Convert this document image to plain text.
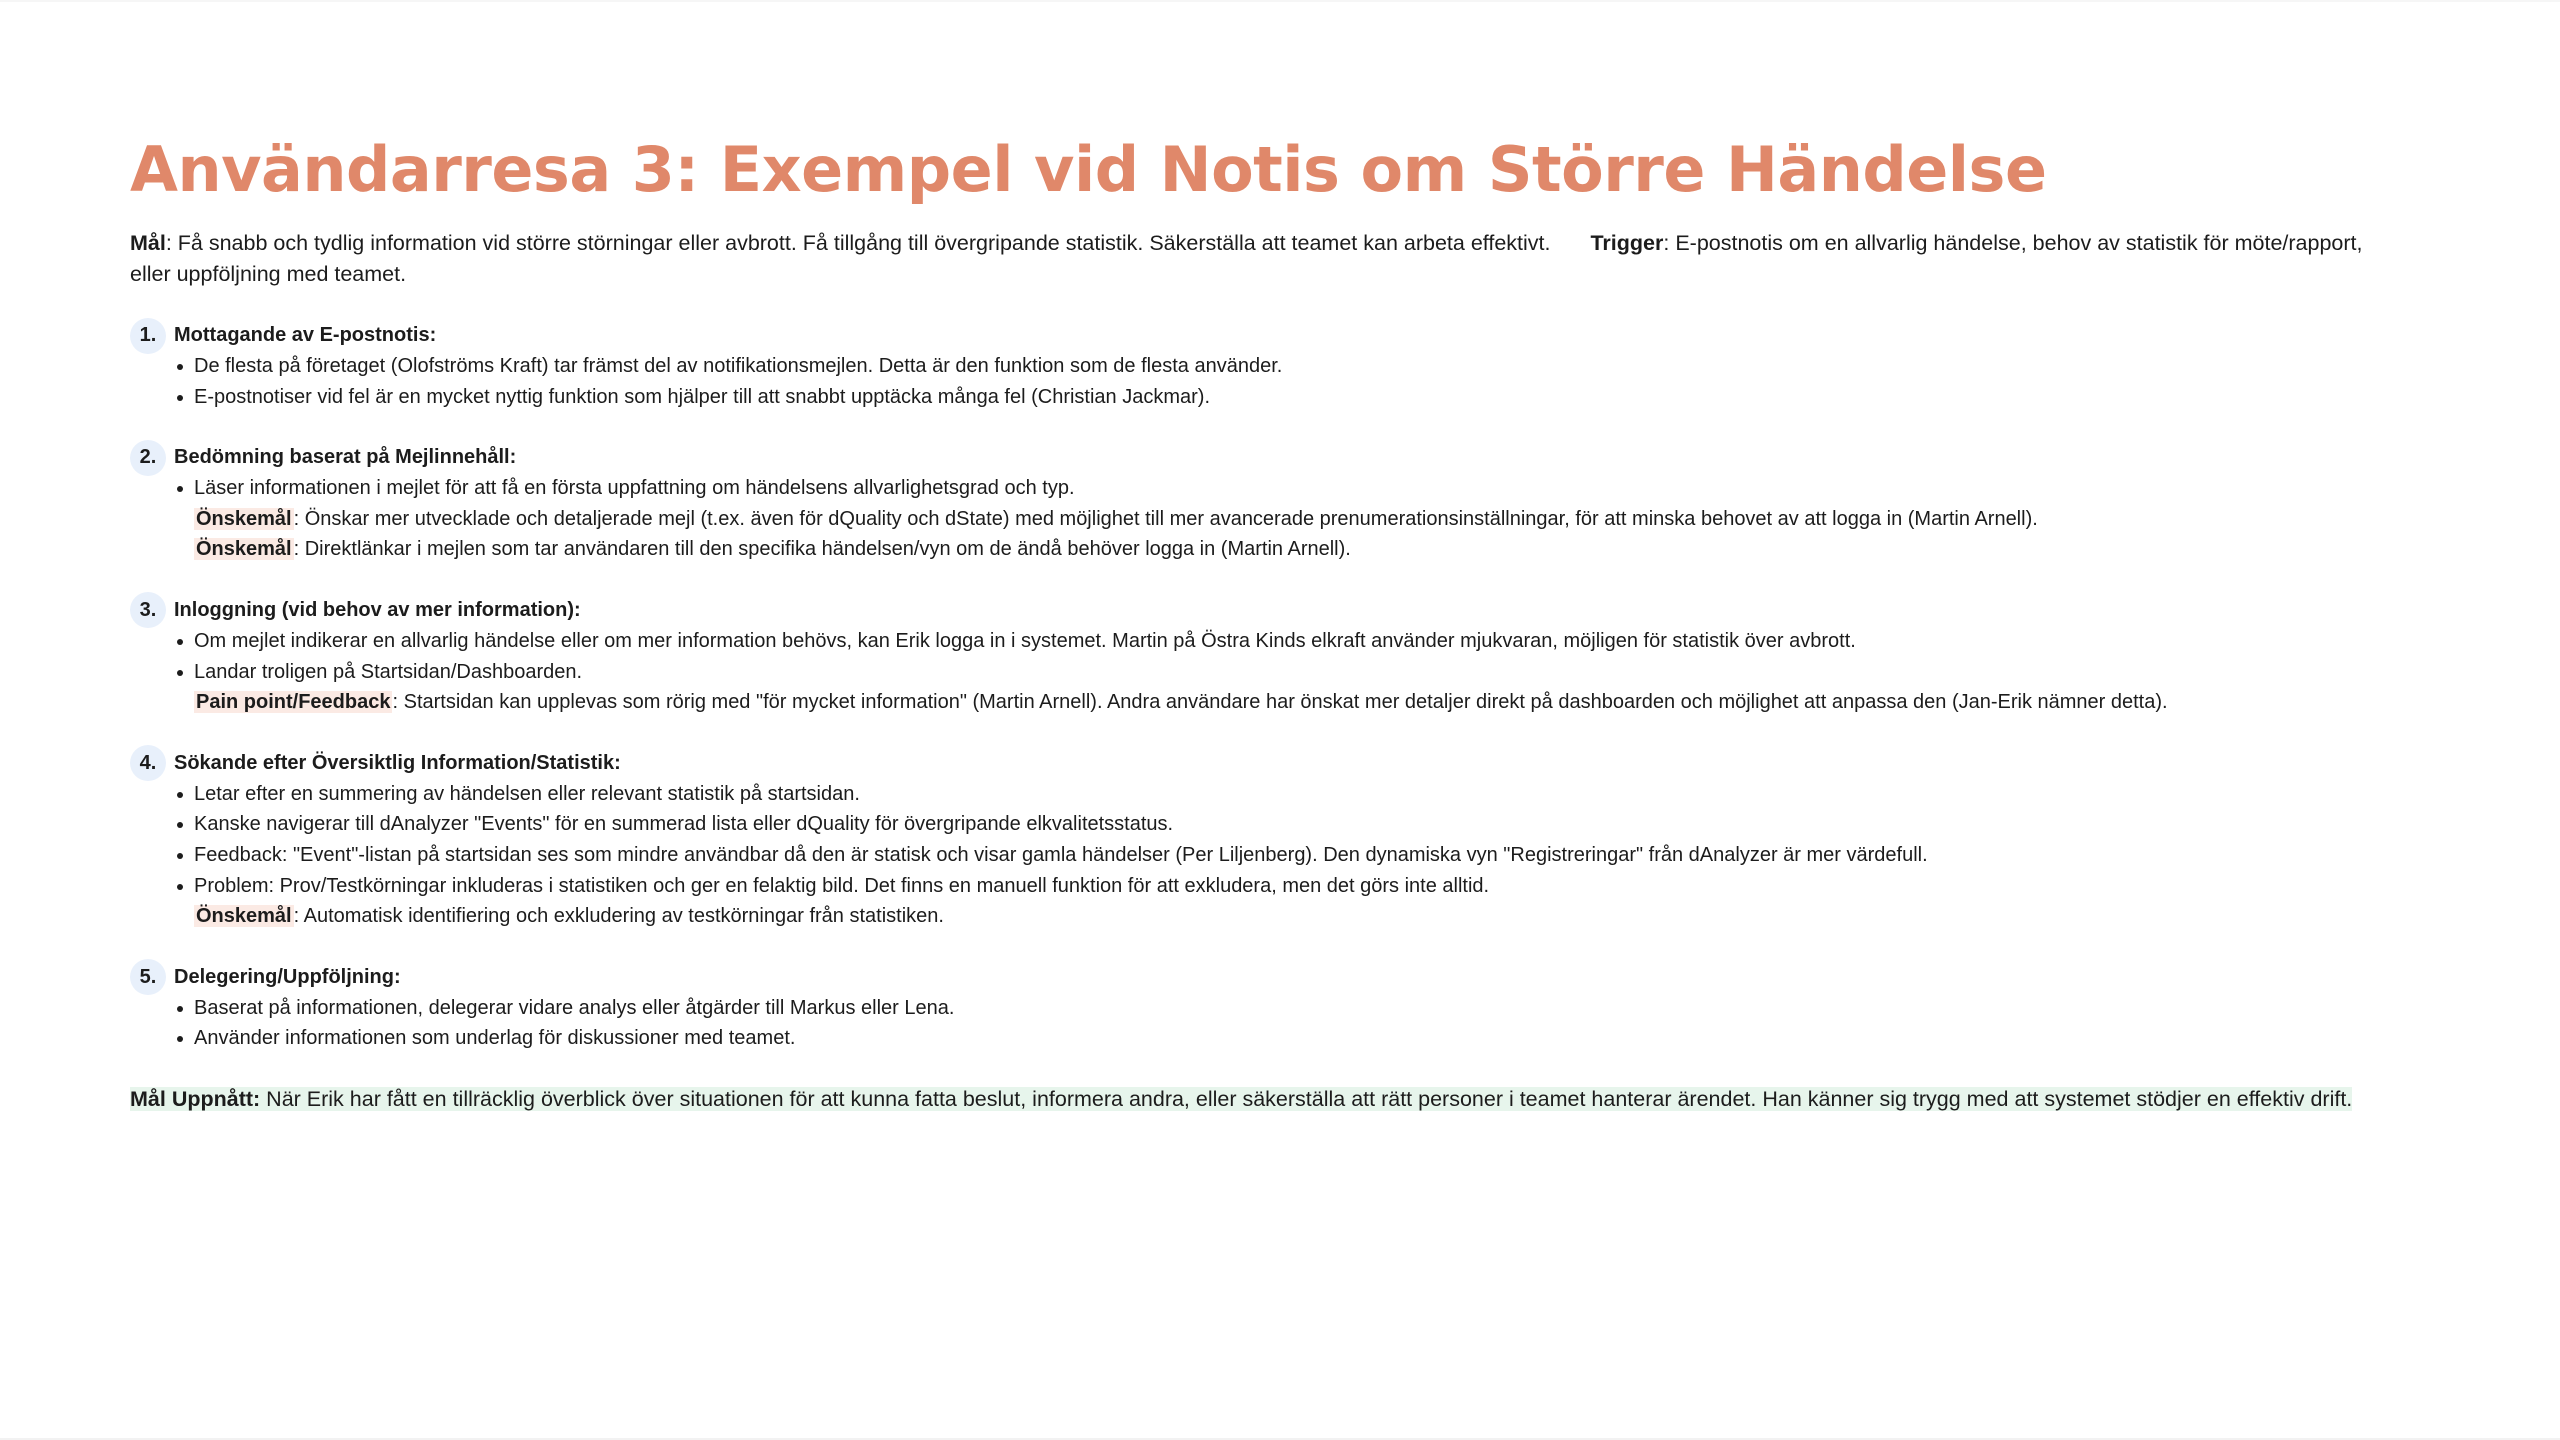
Användarresa 3: Exempel vid Notis om Större Händelse
Mål: Få snabb och tydlig information vid större störningar eller avbrott. Få tillgång till övergripande statistik. Säkerställa att teamet kan arbeta effektivt. Trigger: E-postnotis om en allvarlig händelse, behov av statistik för möte/rapport, eller uppföljning med teamet.
1. Mottagande av E-postnotis:
De flesta på företaget (Olofströms Kraft) tar främst del av notifikationsmejlen. Detta är den funktion som de flesta använder.
E-postnotiser vid fel är en mycket nyttig funktion som hjälper till att snabbt upptäcka många fel (Christian Jackmar).
2. Bedömning baserat på Mejlinnehåll:
Läser informationen i mejlet för att få en första uppfattning om händelsens allvarlighetsgrad och typ.
Önskemål : Önskar mer utvecklade och detaljerade mejl (t.ex. även för dQuality och dState) med möjlighet till mer avancerade prenumerationsinställningar, för att minska behovet av att logga in (Martin Arnell).
Önskemål : Direktlänkar i mejlen som tar användaren till den specifika händelsen/vyn om de ändå behöver logga in (Martin Arnell).
3. Inloggning (vid behov av mer information):
Om mejlet indikerar en allvarlig händelse eller om mer information behövs, kan Erik logga in i systemet. Martin på Östra Kinds elkraft använder mjukvaran, möjligen för statistik över avbrott.
Landar troligen på Startsidan/Dashboarden.
Pain point/Feedback : Startsidan kan upplevas som rörig med "för mycket information" (Martin Arnell). Andra användare har önskat mer detaljer direkt på dashboarden och möjlighet att anpassa den (Jan-Erik nämner detta).
4. Sökande efter Översiktlig Information/Statistik:
Letar efter en summering av händelsen eller relevant statistik på startsidan.
Kanske navigerar till dAnalyzer "Events" för en summerad lista eller dQuality för övergripande elkvalitetsstatus.
Feedback: "Event"-listan på startsidan ses som mindre användbar då den är statisk och visar gamla händelser (Per Liljenberg). Den dynamiska vyn "Registreringar" från dAnalyzer är mer värdefull.
Problem: Prov/Testkörningar inkluderas i statistiken och ger en felaktig bild. Det finns en manuell funktion för att exkludera, men det görs inte alltid.
Önskemål : Automatisk identifiering och exkludering av testkörningar från statistiken.
5. Delegering/Uppföljning:
Baserat på informationen, delegerar vidare analys eller åtgärder till Markus eller Lena.
Använder informationen som underlag för diskussioner med teamet.
Mål Uppnått: När Erik har fått en tillräcklig överblick över situationen för att kunna fatta beslut, informera andra, eller säkerställa att rätt personer i teamet hanterar ärendet. Han känner sig trygg med att systemet stödjer en effektiv drift.
